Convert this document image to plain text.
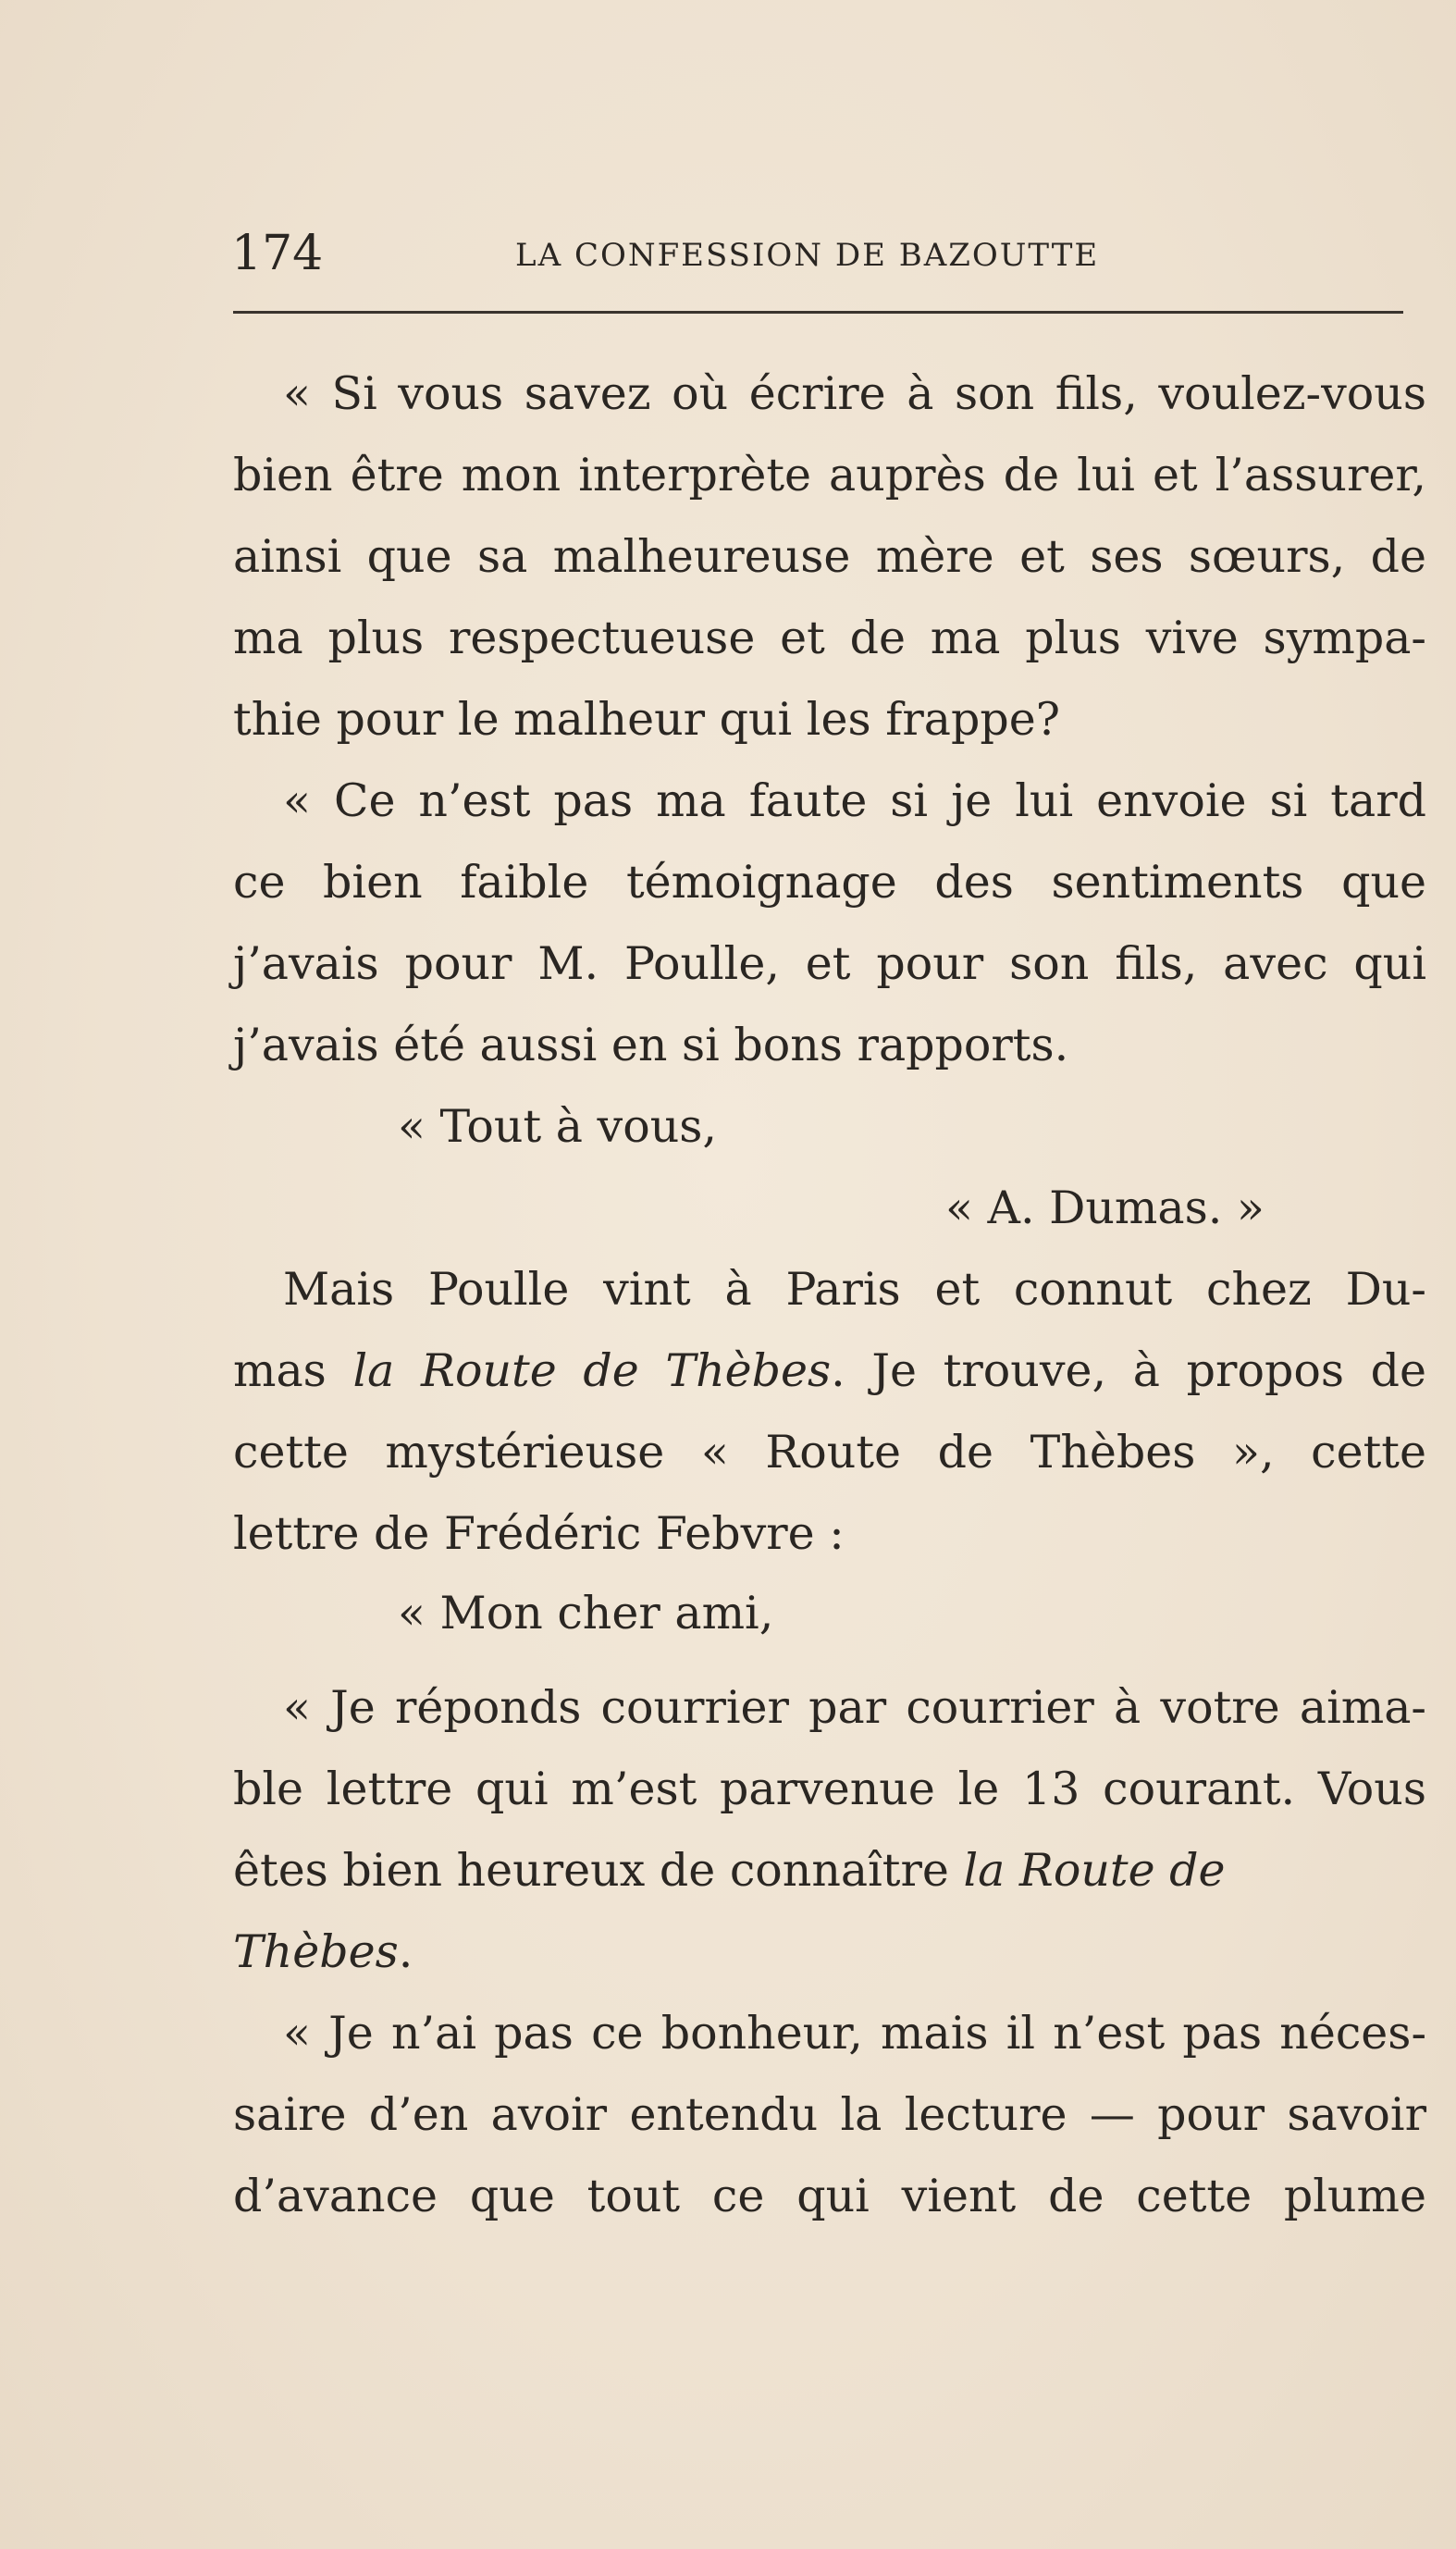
174	LA CONFESSION DE BAZOUTTE
« Si vous savez où écrire à son fils, voulez-vous
bien être mon interprète auprès de lui et l’assurer,
ainsi que sa malheureuse mère et ses sœurs, de
ma plus respectueuse et de ma plus vive sympa-
thie pour le malheur qui les frappe?
« Ce n’est pas ma faute si je lui envoie si tard
ce bien faible témoignage des sentiments que
j’avais pour M. Poulle, et pour son fils, avec qui
j’avais été aussi en si bons rapports.
« Tout à vous,
« A. Dumas. »
Mais Poulle vint à Paris et connut chez Du-
mas la Route de Thèbes. Je trouve, à propos de
cette mystérieuse « Route de Thèbes », cette
lettre de Frédéric Febvre :
« Mon cher ami,
« Je réponds courrier par courrier à votre aima-
ble lettre qui m’est parvenue le 13 courant. Vous
êtes bien heureux de connaître la Route de
Thèbes.
« Je n’ai pas ce bonheur, mais il n’est pas néces-
saire d’en avoir entendu la lecture — pour savoir
d’avance que tout ce qui vient de cette plume
